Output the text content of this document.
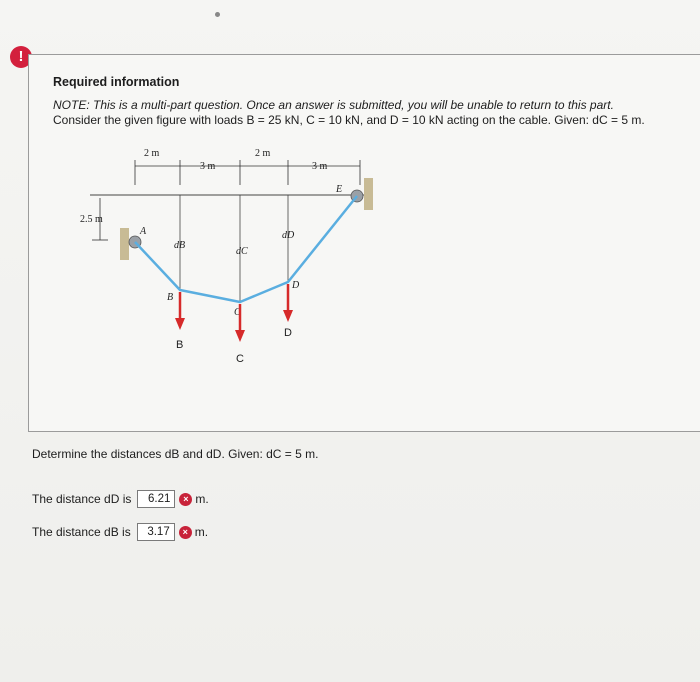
!
Required information
NOTE: This is a multi-part question. Once an answer is submitted, you will be unable to return to this part.
Consider the given figure with loads B = 25 kN, C = 10 kN, and D = 10 kN acting on the cable. Given: dC = 5 m.
2 m
3 m
2 m
3 m
2.5 m
dB
dC
dD
A
B
C
D
E
B
C
D
Determine the distances dB and dD. Given: dC = 5 m.
The distance dD is	6.21	× m.
The distance dB is	3.17	× m.
